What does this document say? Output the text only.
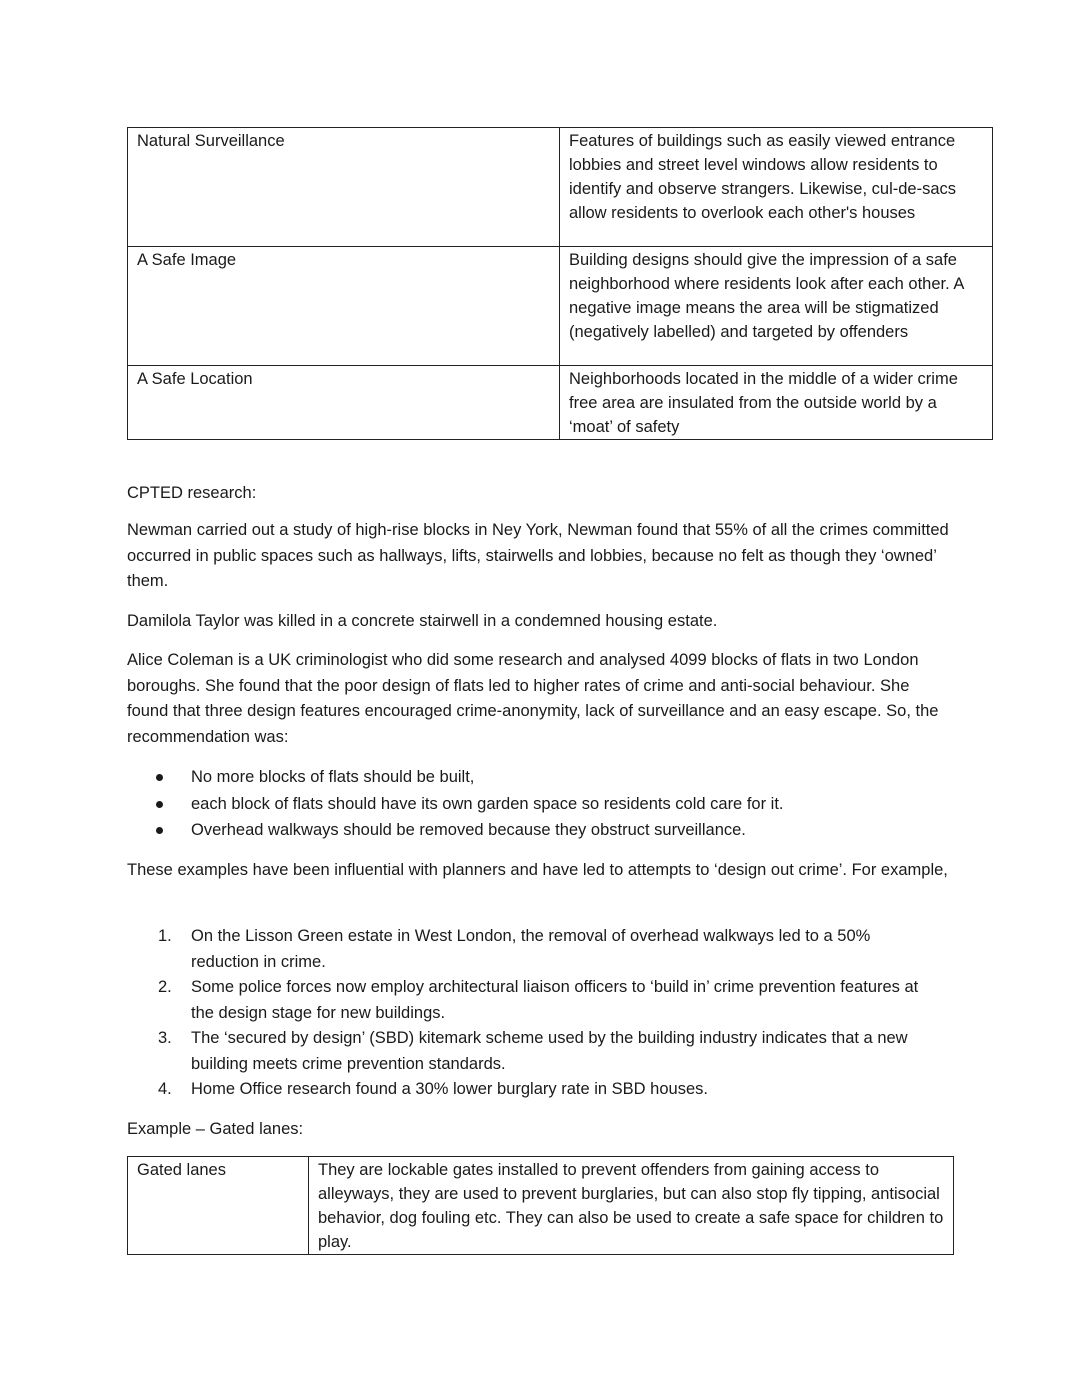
Natural Surveillance	Features of buildings such as easily viewed entrance lobbies and street level windows allow residents to identify and observe strangers. Likewise, cul-de-sacs allow residents to overlook each other's houses
A Safe Image	Building designs should give the impression of a safe neighborhood where residents look after each other. A negative image means the area will be stigmatized (negatively labelled) and targeted by offenders
A Safe Location	Neighborhoods located in the middle of a wider crime free area are insulated from the outside world by a ‘moat’ of safety
CPTED research:

Newman carried out a study of high-rise blocks in Ney York, Newman found that 55% of all the crimes committed occurred in public spaces such as hallways, lifts, stairwells and lobbies, because no felt as though they ‘owned’ them.

Damilola Taylor was killed in a concrete stairwell in a condemned housing estate.

Alice Coleman is a UK criminologist who did some research and analysed 4099 blocks of flats in two London boroughs. She found that the poor design of flats led to higher rates of crime and anti-social behaviour. She found that three design features encouraged crime-anonymity, lack of surveillance and an easy escape. So, the recommendation was:

No more blocks of flats should be built,
each block of flats should have its own garden space so residents cold care for it.
Overhead walkways should be removed because they obstruct surveillance.

These examples have been influential with planners and have led to attempts to ‘design out crime’. For example,

1. On the Lisson Green estate in West London, the removal of overhead walkways led to a 50% reduction in crime.
2. Some police forces now employ architectural liaison officers to ‘build in’ crime prevention features at the design stage for new buildings.
3. The ‘secured by design’ (SBD) kitemark scheme used by the building industry indicates that a new building meets crime prevention standards.
4. Home Office research found a 30% lower burglary rate in SBD houses.
Example – Gated lanes:
Gated lanes	They are lockable gates installed to prevent offenders from gaining access to alleyways, they are used to prevent burglaries, but can also stop fly tipping, antisocial behavior, dog fouling etc. They can also be used to create a safe space for children to play.
